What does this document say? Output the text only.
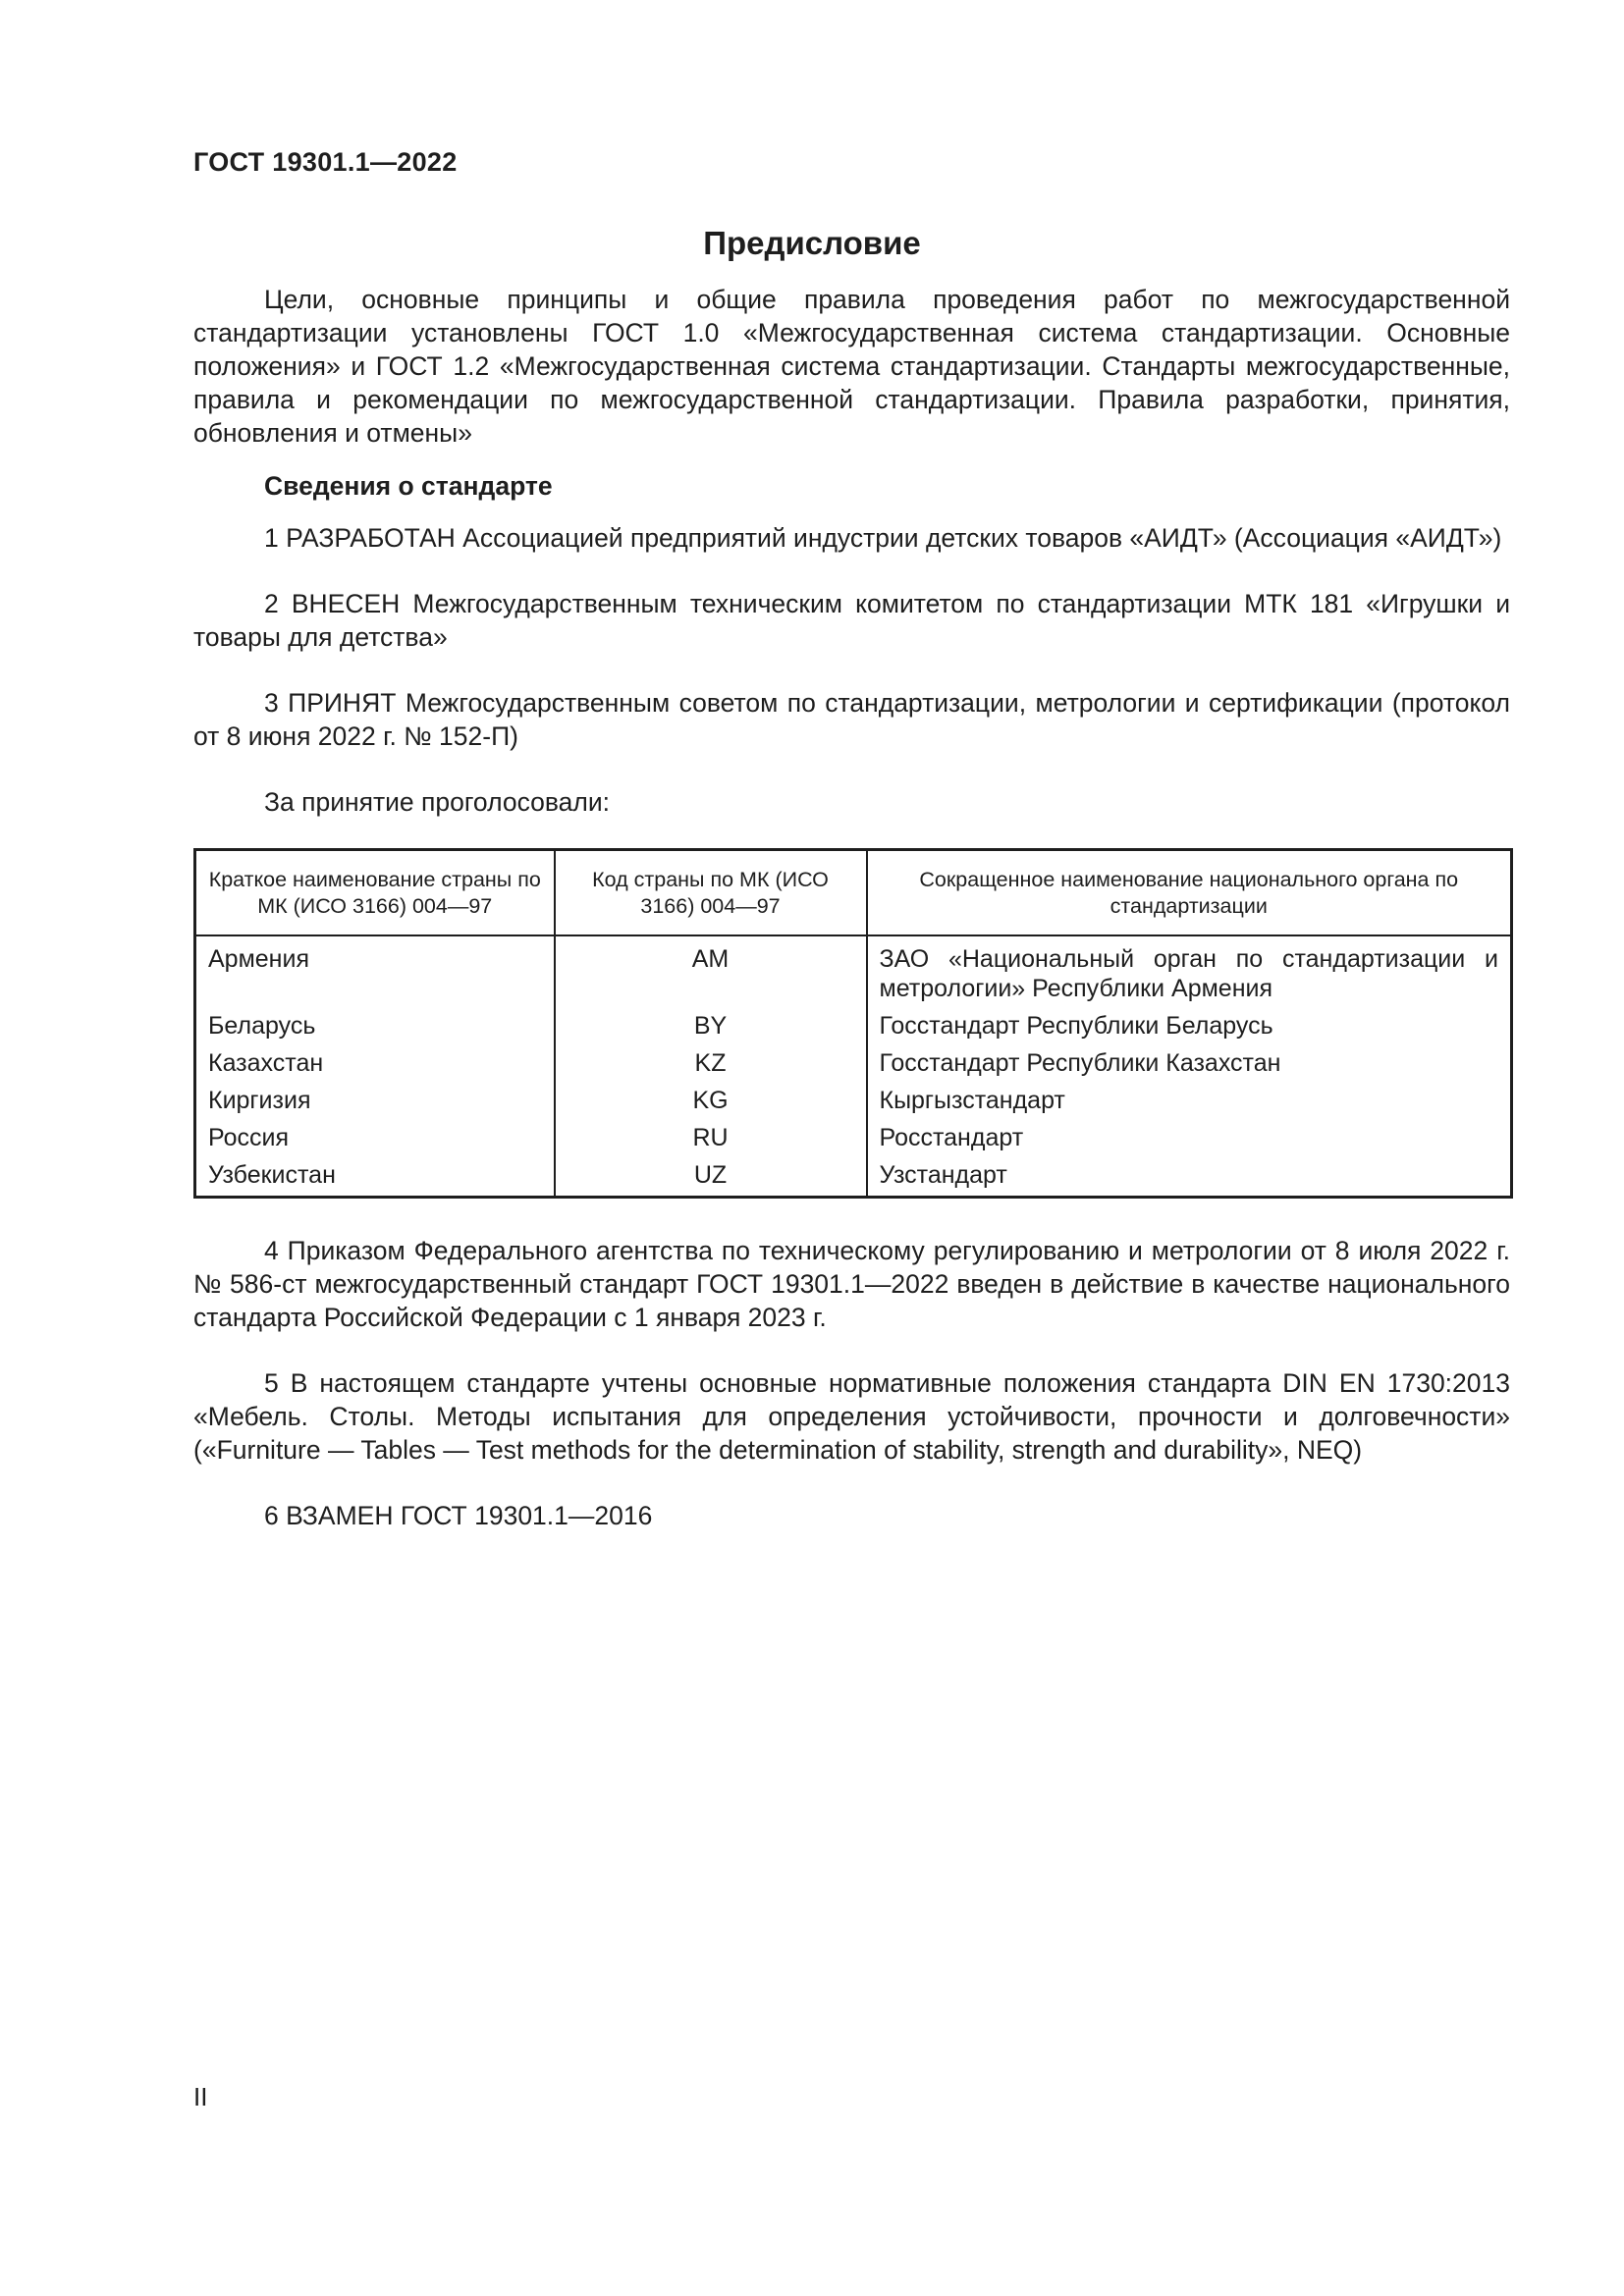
ГОСТ 19301.1—2022
Предисловие

Цели, основные принципы и общие правила проведения работ по межгосударственной стандартизации установлены ГОСТ 1.0 «Межгосударственная система стандартизации. Основные положения» и ГОСТ 1.2 «Межгосударственная система стандартизации. Стандарты межгосударственные, правила и рекомендации по межгосударственной стандартизации. Правила разработки, принятия, обновления и отмены»

Сведения о стандарте

1 РАЗРАБОТАН Ассоциацией предприятий индустрии детских товаров «АИДТ» (Ассоциация «АИДТ»)

2 ВНЕСЕН Межгосударственным техническим комитетом по стандартизации МТК 181 «Игрушки и товары для детства»

3 ПРИНЯТ Межгосударственным советом по стандартизации, метрологии и сертификации (протокол от 8 июня 2022 г. № 152-П)

За принятие проголосовали:

Краткое наименование страны по МК (ИСО 3166) 004—97	Код страны по МК (ИСО 3166) 004—97	Сокращенное наименование национального органа по стандартизации
Армения	AM	ЗАО «Национальный орган по стандартизации и метрологии» Республики Армения
Беларусь	BY	Госстандарт Республики Беларусь
Казахстан	KZ	Госстандарт Республики Казахстан
Киргизия	KG	Кыргызстандарт
Россия	RU	Росстандарт
Узбекистан	UZ	Узстандарт

4 Приказом Федерального агентства по техническому регулированию и метрологии от 8 июля 2022 г. № 586-ст межгосударственный стандарт ГОСТ 19301.1—2022 введен в действие в качестве национального стандарта Российской Федерации с 1 января 2023 г.

5 В настоящем стандарте учтены основные нормативные положения стандарта DIN EN 1730:2013 «Мебель. Столы. Методы испытания для определения устойчивости, прочности и долговечности» («Furniture — Tables — Test methods for the determination of stability, strength and durability», NEQ)

6 ВЗАМЕН ГОСТ 19301.1—2016

II
